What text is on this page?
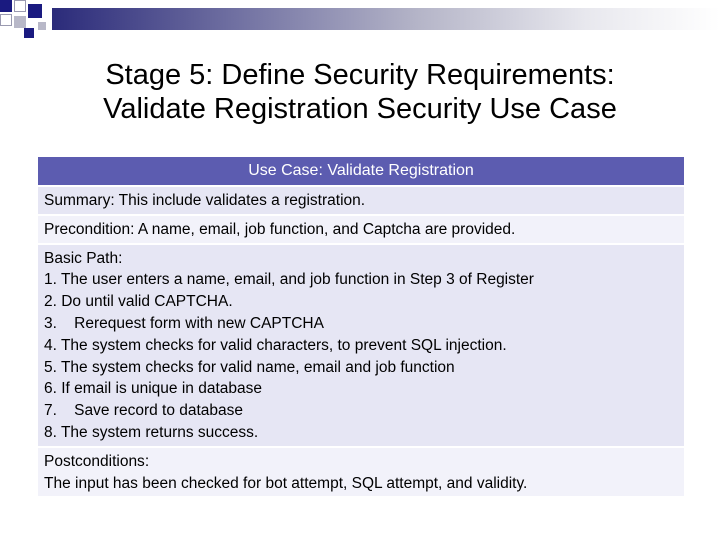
Stage 5: Define Security Requirements:
Validate Registration Security Use Case
Use Case: Validate Registration
Summary: This include validates a registration.
Precondition: A name, email, job function, and Captcha are provided.

Basic Path:
1. The user enters a name, email, and job function in Step 3 of Register
2. Do until valid CAPTCHA.
3.    Rerequest form with new CAPTCHA
4. The system checks for valid characters, to prevent SQL injection.
5. The system checks for valid name, email and job function
6. If email is unique in database
7.    Save record to database
8. The system returns success.

Postconditions:
The input has been checked for bot attempt, SQL attempt, and validity.
